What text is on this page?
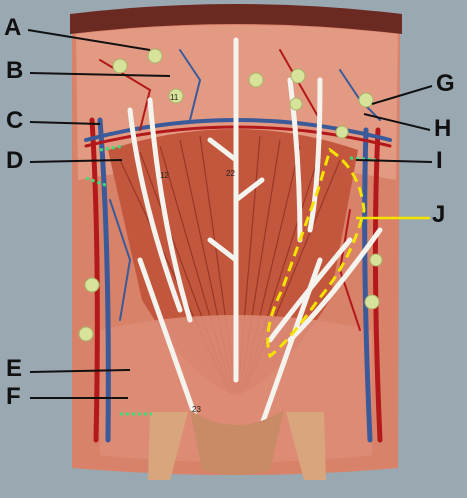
11
12	22
23
A
B
C
D
E
F
G
H
I
J
